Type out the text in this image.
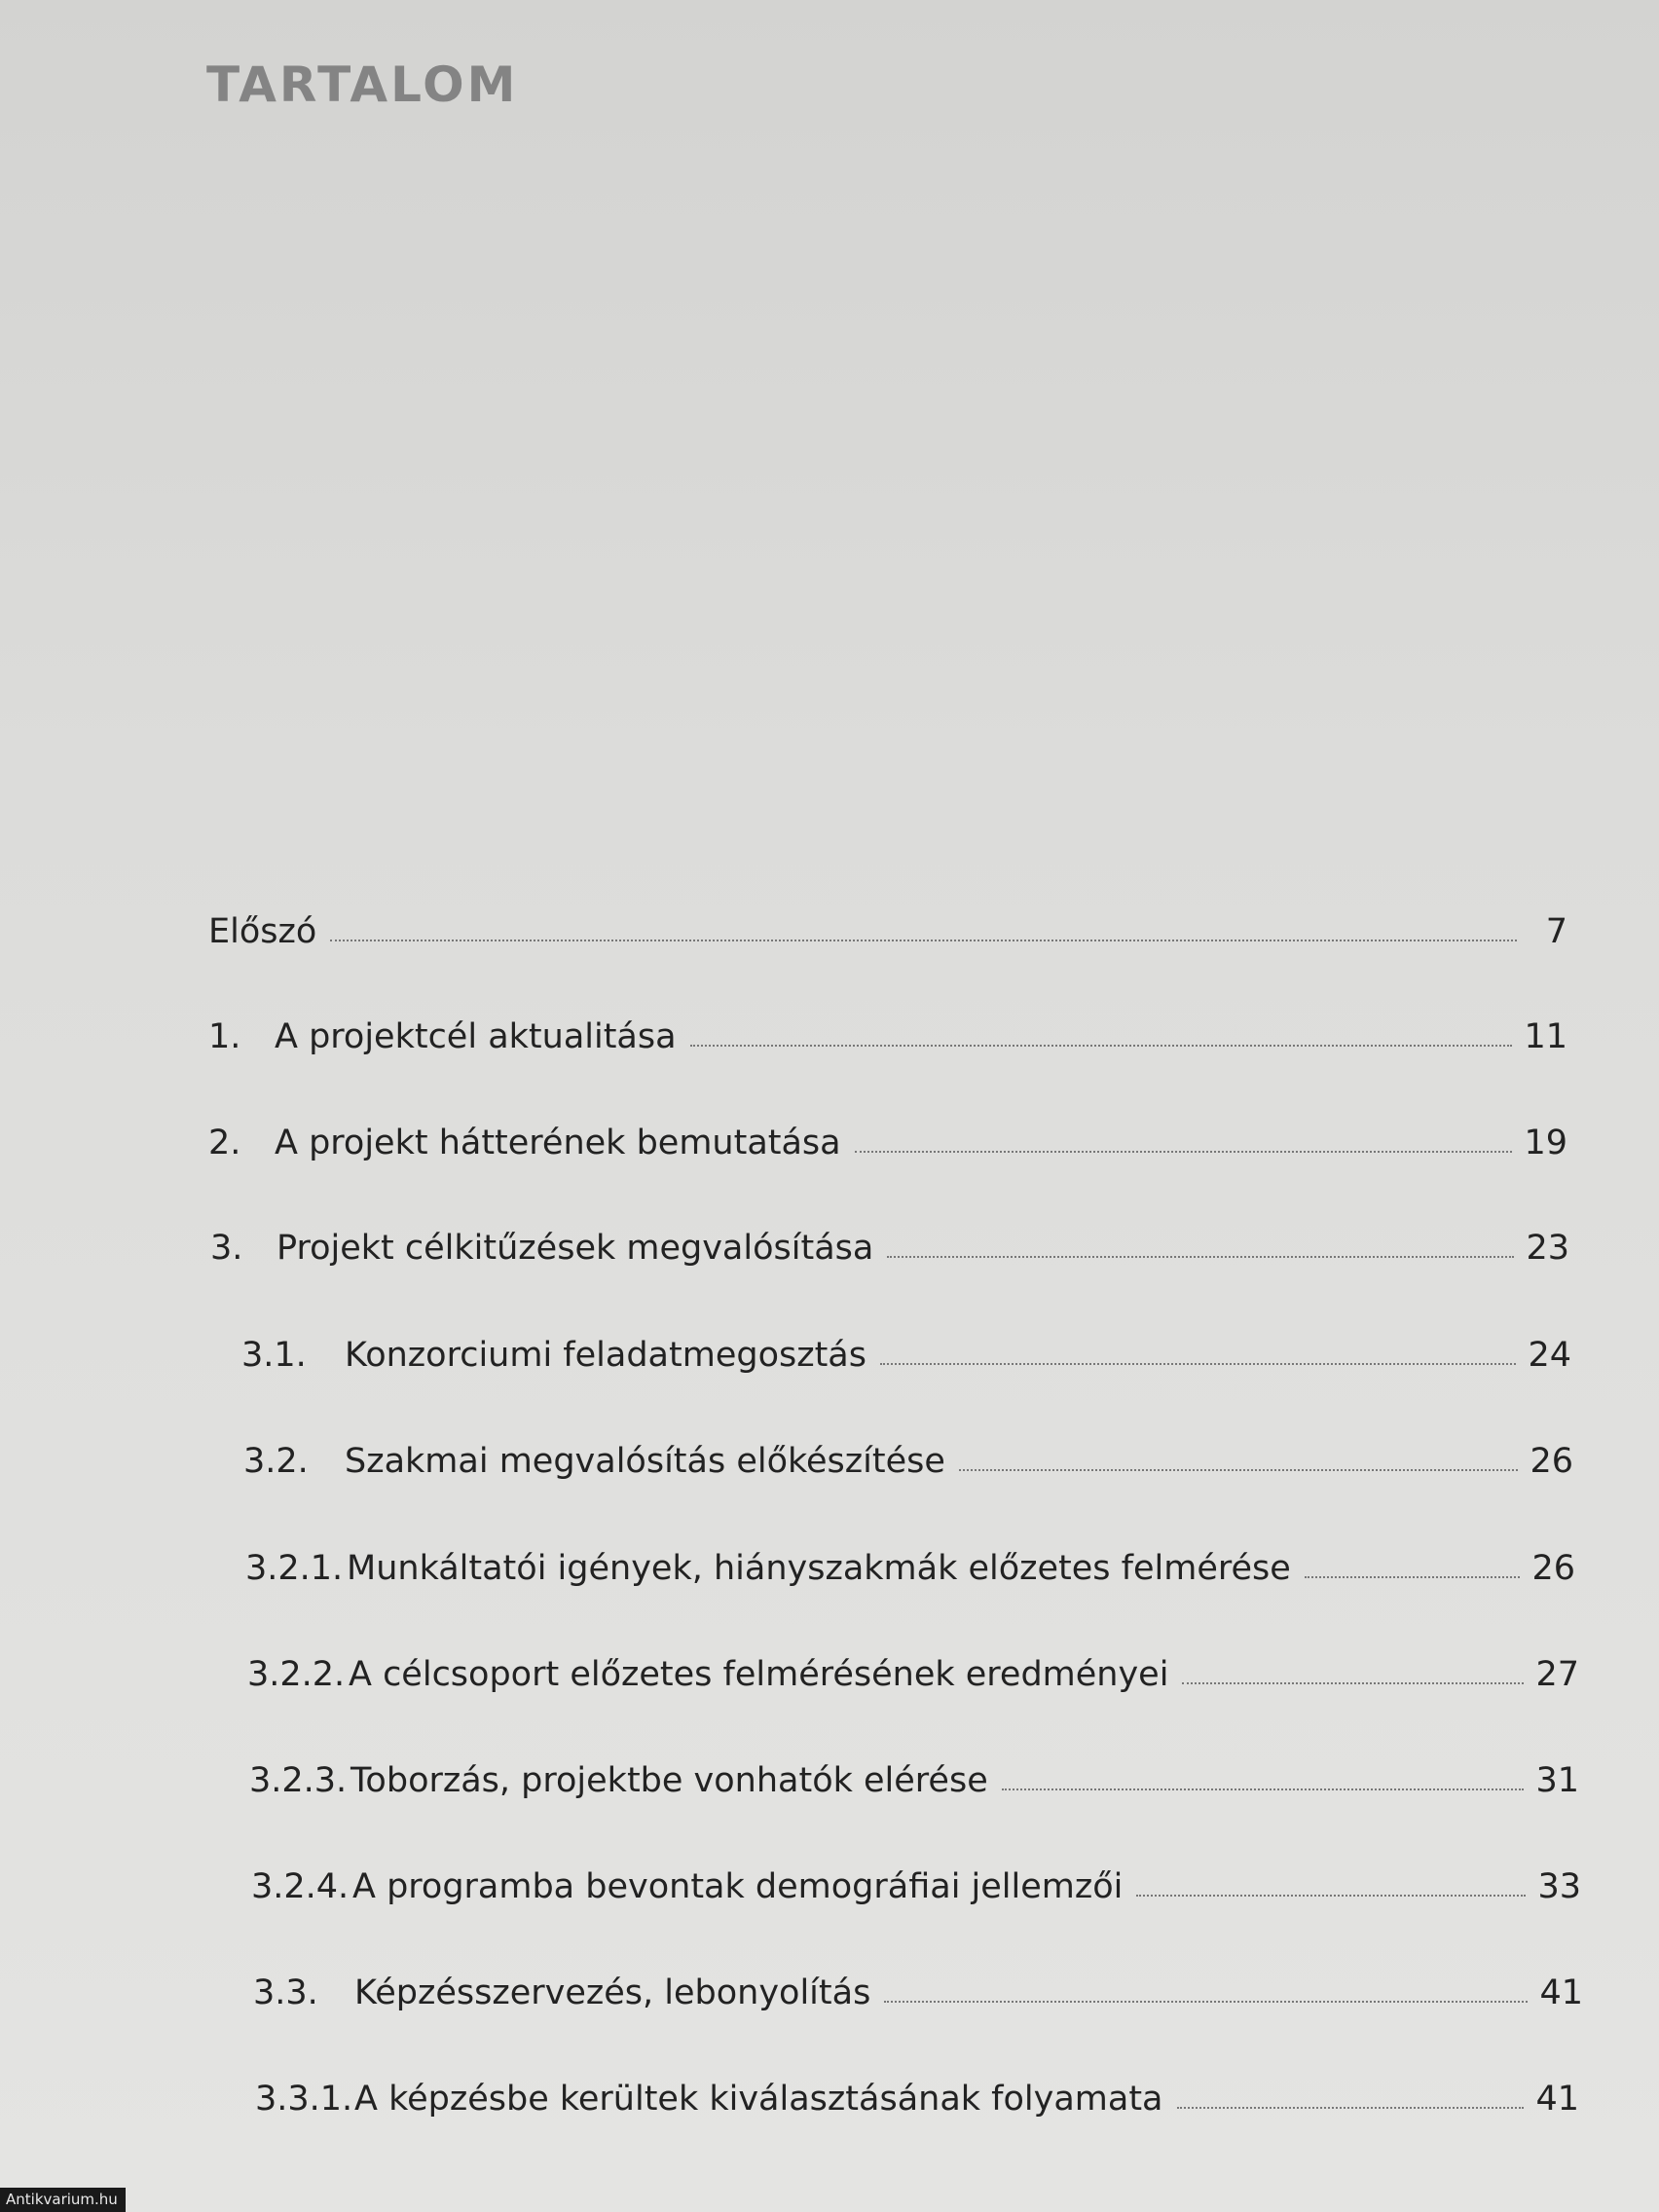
TARTALOM
Előszó	7
1. A projektcél aktualitása	11
2. A projekt hátterének bemutatása	19
3. Projekt célkitűzések megvalósítása	23
3.1.	Konzorciumi feladatmegosztás	24
3.2.	Szakmai megvalósítás előkészítése	26
3.2.1. Munkáltatói igények, hiányszakmák előzetes felmérése	26
3.2.2. A célcsoport előzetes felmérésének eredményei	27
3.2.3. Toborzás, projektbe vonhatók elérése	31
3.2.4. A programba bevontak demográfiai jellemzői	33
3.3.	Képzésszervezés, lebonyolítás	41
3.3.1. A képzésbe kerültek kiválasztásának folyamata	41
Antikvarium.hu
